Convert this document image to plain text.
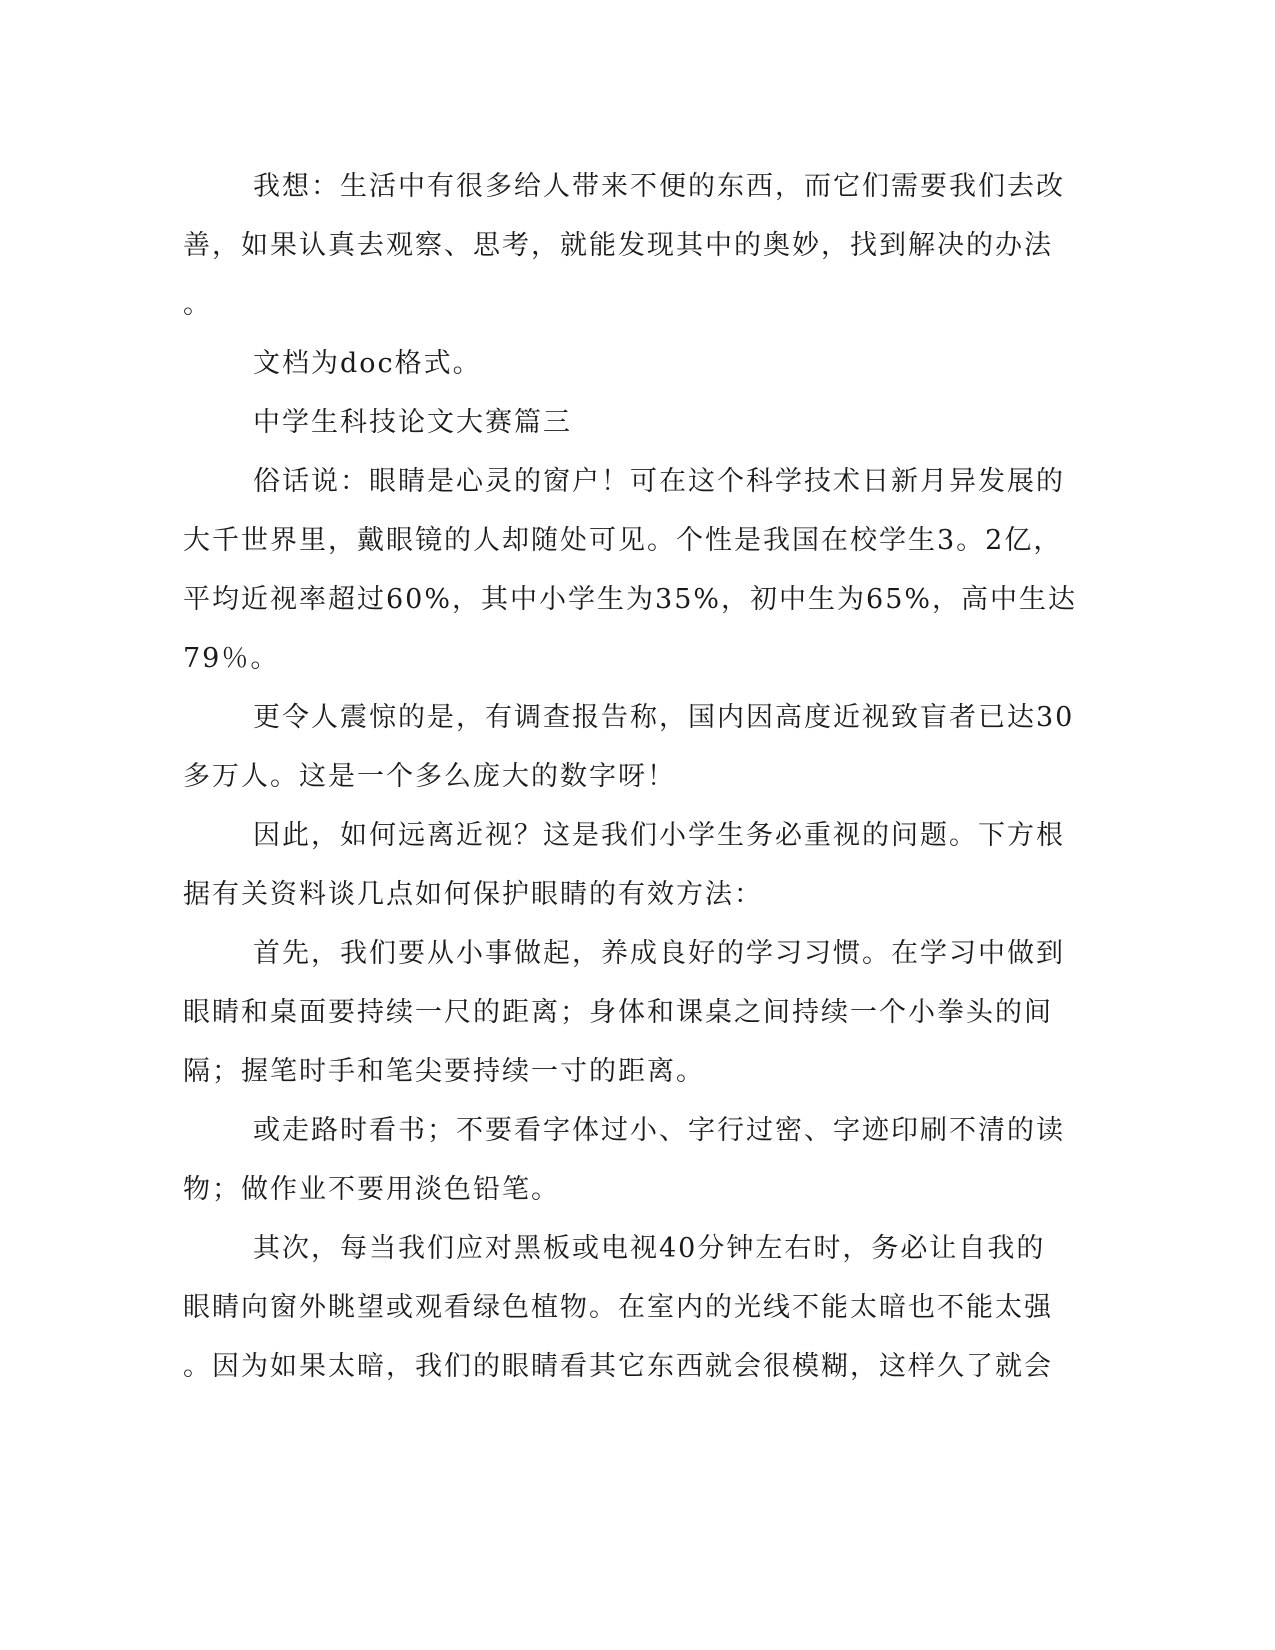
我想：生活中有很多给人带来不便的东西，而它们需要我们去改
善，如果认真去观察、思考，就能发现其中的奥妙，找到解决的办法
。
文档为doc格式。
中学生科技论文大赛篇三
俗话说：眼睛是心灵的窗户！可在这个科学技术日新月异发展的
大千世界里，戴眼镜的人却随处可见。个性是我国在校学生3。2亿，
平均近视率超过60%，其中小学生为35%，初中生为65%，高中生达
79％。
更令人震惊的是，有调查报告称，国内因高度近视致盲者已达30
多万人。这是一个多么庞大的数字呀！
因此，如何远离近视？这是我们小学生务必重视的问题。下方根
据有关资料谈几点如何保护眼睛的有效方法：
首先，我们要从小事做起，养成良好的学习习惯。在学习中做到
眼睛和桌面要持续一尺的距离；身体和课桌之间持续一个小拳头的间
隔；握笔时手和笔尖要持续一寸的距离。
或走路时看书；不要看字体过小、字行过密、字迹印刷不清的读
物；做作业不要用淡色铅笔。
其次，每当我们应对黑板或电视40分钟左右时，务必让自我的
眼睛向窗外眺望或观看绿色植物。在室内的光线不能太暗也不能太强
。因为如果太暗，我们的眼睛看其它东西就会很模糊，这样久了就会
